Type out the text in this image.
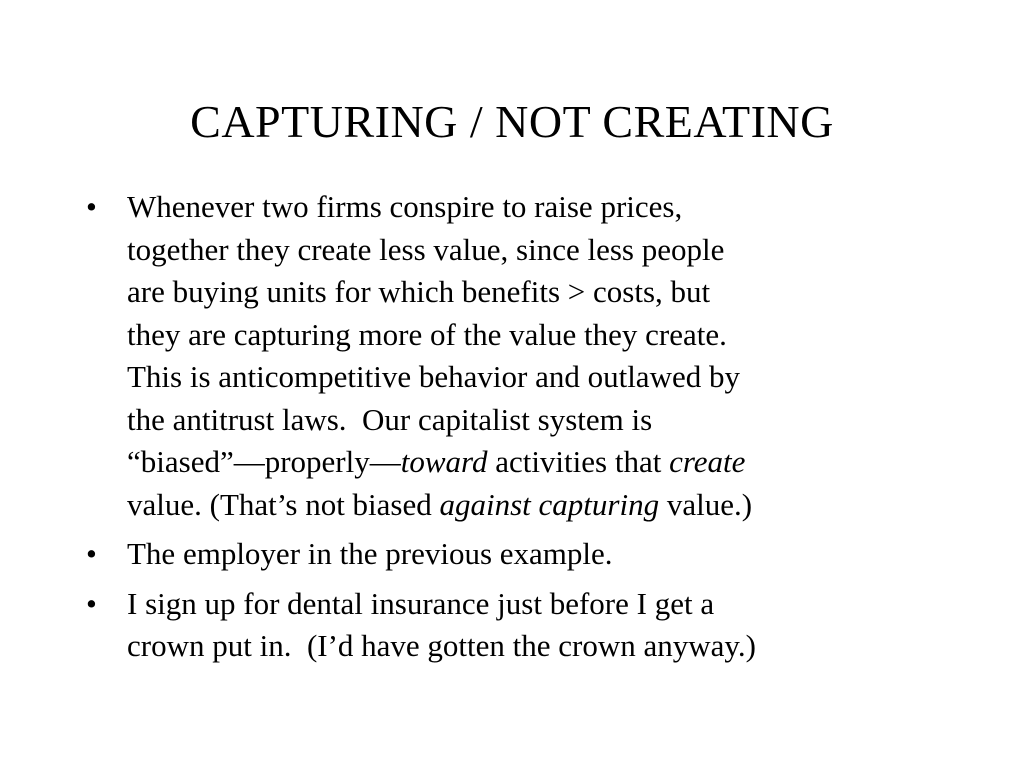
CAPTURING / NOT CREATING
• Whenever two firms conspire to raise prices,
together they create less value, since less people
are buying units for which benefits > costs, but
they are capturing more of the value they create.
This is anticompetitive behavior and outlawed by
the antitrust laws.  Our capitalist system is
“biased”—properly—toward activities that create
value. (That’s not biased against capturing value.)
• The employer in the previous example.
• I sign up for dental insurance just before I get a
crown put in.  (I’d have gotten the crown anyway.)
